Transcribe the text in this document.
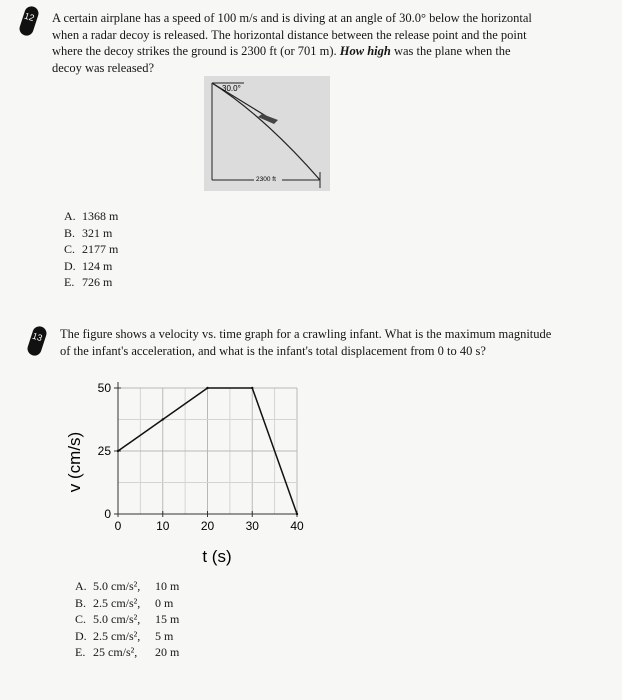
12 A certain airplane has a speed of 100 m/s and is diving at an angle of 30.0° below the horizontal
when a radar decoy is released. The horizontal distance between the release point and the point
where the decoy strikes the ground is 2300 ft (or 701 m). How high was the plane when the
decoy was released?
30.0°
2300 ft
A. 1368 m
B. 321 m
C. 2177 m
D. 124 m
E. 726 m
13 The figure shows a velocity vs. time graph for a crawling infant. What is the maximum magnitude
of the infant's acceleration, and what is the infant's total displacement from 0 to 40 s?
0	10	20	30	40
0
25
50
v (cm/s)
t (s)
A. 5.0 cm/s²,	10 m
B. 2.5 cm/s²,	0 m
C. 5.0 cm/s²,	15 m
D. 2.5 cm/s²,	5 m
E. 25 cm/s²,	20 m
